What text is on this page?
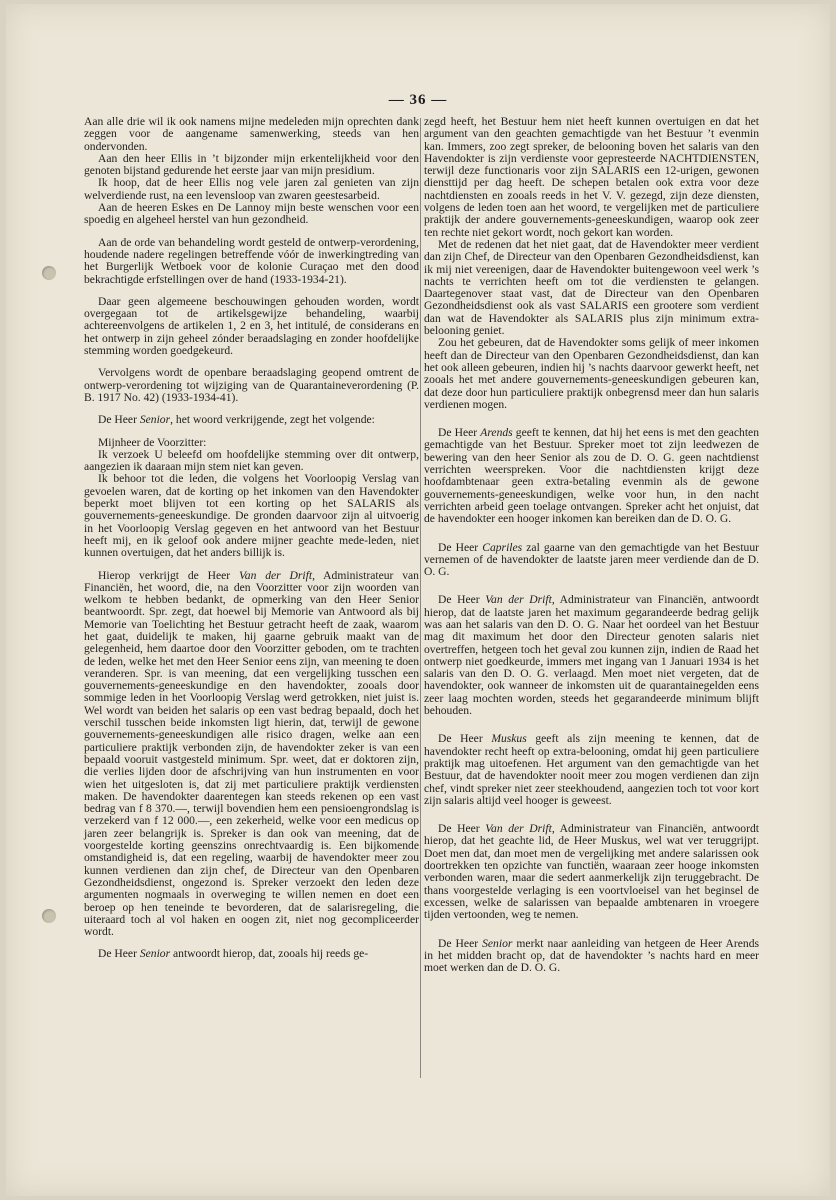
— 36 —

Aan alle drie wil ik ook namens mijne medeleden mijn oprechten dank zeggen voor de aangename samenwerking, steeds van hen ondervonden.

Aan den heer Ellis in ’t bijzonder mijn erkentelijkheid voor den genoten bijstand gedurende het eerste jaar van mijn presidium.

Ik hoop, dat de heer Ellis nog vele jaren zal genieten van zijn welverdiende rust, na een levensloop van zwaren geestesarbeid.

Aan de heeren Eskes en De Lannoy mijn beste wenschen voor een spoedig en algeheel herstel van hun gezondheid.

Aan de orde van behandeling wordt gesteld de ontwerp-verordening, houdende nadere regelingen betreffende vóór de inwerkingtreding van het Burgerlijk Wetboek voor de kolonie Curaçao met den dood bekrachtigde erfstellingen over de hand (1933-1934-21).

Daar geen algemeene beschouwingen gehouden worden, wordt overgegaan tot de artikelsgewijze behandeling, waarbij achtereenvolgens de artikelen 1, 2 en 3, het intitulé, de considerans en het ontwerp in zijn geheel zónder beraadslaging en zonder hoofdelijke stemming worden goedgekeurd.

Vervolgens wordt de openbare beraadslaging geopend omtrent de ontwerp-verordening tot wijziging van de Quarantaineverordening (P. B. 1917 No. 42) (1933-1934-41).

De Heer Senior, het woord verkrijgende, zegt het volgende:

Mijnheer de Voorzitter:

Ik verzoek U beleefd om hoofdelijke stemming over dit ontwerp, aangezien ik daaraan mijn stem niet kan geven.

Ik behoor tot die leden, die volgens het Voorloopig Verslag van gevoelen waren, dat de korting op het inkomen van den Havendokter beperkt moet blijven tot een korting op het SALARIS als gouvernements-geneeskundige. De gronden daarvoor zijn al uitvoerig in het Voorloopig Verslag gegeven en het antwoord van het Bestuur heeft mij, en ik geloof ook andere mijner geachte mede-leden, niet kunnen overtuigen, dat het anders billijk is.

Hierop verkrijgt de Heer Van der Drift, Administrateur van Financiën, het woord, die, na den Voorzitter voor zijn woorden van welkom te hebben bedankt, de opmerking van den Heer Senior beantwoordt. Spr. zegt, dat hoewel bij Memorie van Antwoord als bij Memorie van Toelichting het Bestuur getracht heeft de zaak, waarom het gaat, duidelijk te maken, hij gaarne gebruik maakt van de gelegenheid, hem daartoe door den Voorzitter geboden, om te trachten de leden, welke het met den Heer Senior eens zijn, van meening te doen veranderen. Spr. is van meening, dat een vergelijking tusschen een gouvernements-geneeskundige en den havendokter, zooals door sommige leden in het Voorloopig Verslag werd getrokken, niet juist is. Wel wordt van beiden het salaris op een vast bedrag bepaald, doch het verschil tusschen beide inkomsten ligt hierin, dat, terwijl de gewone gouvernements-geneeskundigen alle risico dragen, welke aan een particuliere praktijk verbonden zijn, de havendokter zeker is van een bepaald vooruit vastgesteld minimum. Spr. weet, dat er doktoren zijn, die verlies lijden door de afschrijving van hun instrumenten en voor wien het uitgesloten is, dat zij met particuliere praktijk verdiensten maken. De havendokter daarentegen kan steeds rekenen op een vast bedrag van f 8 370.—, terwijl bovendien hem een pensioengrondslag is verzekerd van f 12 000.—, een zekerheid, welke voor een medicus op jaren zeer belangrijk is. Spreker is dan ook van meening, dat de voorgestelde korting geenszins onrechtvaardig is. Een bijkomende omstandigheid is, dat een regeling, waarbij de havendokter meer zou kunnen verdienen dan zijn chef, de Directeur van den Openbaren Gezondheidsdienst, ongezond is. Spreker verzoekt den leden deze argumenten nogmaals in overweging te willen nemen en doet een beroep op hen teneinde te bevorderen, dat de salarisregeling, die uiteraard toch al vol haken en oogen zit, niet nog gecompliceerder wordt.

De Heer Senior antwoordt hierop, dat, zooals hij reeds ge-

zegd heeft, het Bestuur hem niet heeft kunnen overtuigen en dat het argument van den geachten gemachtigde van het Bestuur ’t evenmin kan. Immers, zoo zegt spreker, de belooning boven het salaris van den Havendokter is zijn verdienste voor gepresteerde NACHTDIENSTEN, terwijl deze functionaris voor zijn SALARIS een 12-urigen, gewonen diensttijd per dag heeft. De schepen betalen ook extra voor deze nachtdiensten en zooals reeds in het V. V. gezegd, zijn deze diensten, volgens de leden toen aan het woord, te vergelijken met de particuliere praktijk der andere gouvernements-geneeskundigen, waarop ook zeer ten rechte niet gekort wordt, noch gekort kan worden.

Met de redenen dat het niet gaat, dat de Havendokter meer verdient dan zijn Chef, de Directeur van den Openbaren Gezondheidsdienst, kan ik mij niet vereenigen, daar de Havendokter buitengewoon veel werk ’s nachts te verrichten heeft om tot die verdiensten te gelangen. Daartegenover staat vast, dat de Directeur van den Openbaren Gezondheidsdienst ook als vast SALARIS een grootere som verdient dan wat de Havendokter als SALARIS plus zijn minimum extra-belooning geniet.

Zou het gebeuren, dat de Havendokter soms gelijk of meer inkomen heeft dan de Directeur van den Openbaren Gezondheidsdienst, dan kan het ook alleen gebeuren, indien hij ’s nachts daarvoor gewerkt heeft, net zooals het met andere gouvernements-geneeskundigen gebeuren kan, dat deze door hun particuliere praktijk onbegrensd meer dan hun salaris verdienen mogen.

De Heer Arends geeft te kennen, dat hij het eens is met den geachten gemachtigde van het Bestuur. Spreker moet tot zijn leedwezen de bewering van den heer Senior als zou de D. O. G. geen nachtdienst verrichten weerspreken. Voor die nachtdiensten krijgt deze hoofdambtenaar geen extra-betaling evenmin als de gewone gouvernements-geneeskundigen, welke voor hun, in den nacht verrichten arbeid geen toelage ontvangen. Spreker acht het onjuist, dat de havendokter een hooger inkomen kan bereiken dan de D. O. G.

De Heer Capriles zal gaarne van den gemachtigde van het Bestuur vernemen of de havendokter de laatste jaren meer verdiende dan de D. O. G.

De Heer Van der Drift, Administrateur van Financiën, antwoordt hierop, dat de laatste jaren het maximum gegarandeerde bedrag gelijk was aan het salaris van den D. O. G. Naar het oordeel van het Bestuur mag dit maximum het door den Directeur genoten salaris niet overtreffen, hetgeen toch het geval zou kunnen zijn, indien de Raad het ontwerp niet goedkeurde, immers met ingang van 1 Januari 1934 is het salaris van den D. O. G. verlaagd. Men moet niet vergeten, dat de havendokter, ook wanneer de inkomsten uit de quarantainegelden eens zeer laag mochten worden, steeds het gegarandeerde minimum blijft behouden.

De Heer Muskus geeft als zijn meening te kennen, dat de havendokter recht heeft op extra-belooning, omdat hij geen particuliere praktijk mag uitoefenen. Het argument van den gemachtigde van het Bestuur, dat de havendokter nooit meer zou mogen verdienen dan zijn chef, vindt spreker niet zeer steekhoudend, aangezien toch tot voor kort zijn salaris altijd veel hooger is geweest.

De Heer Van der Drift, Administrateur van Financiën, antwoordt hierop, dat het geachte lid, de Heer Muskus, wel wat ver teruggrijpt. Doet men dat, dan moet men de vergelijking met andere salarissen ook doortrekken ten opzichte van functiën, waaraan zeer hooge inkomsten verbonden waren, maar die sedert aanmerkelijk zijn teruggebracht. De thans voorgestelde verlaging is een voortvloeisel van het beginsel de excessen, welke de salarissen van bepaalde ambtenaren in vroegere tijden vertoonden, weg te nemen.

De Heer Senior merkt naar aanleiding van hetgeen de Heer Arends in het midden bracht op, dat de havendokter ’s nachts hard en meer moet werken dan de D. O. G.
